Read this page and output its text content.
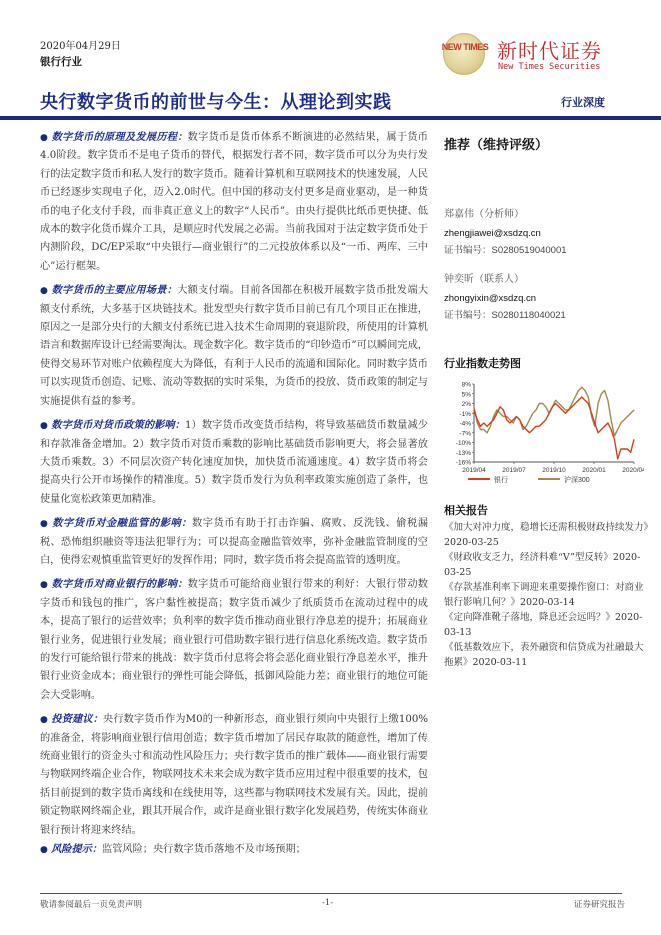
2020年04月29日
银行行业
NEW TIMES 新时代证券
New Times Securities
央行数字货币的前世与今生：从理论到实践	行业深度

● 数字货币的原理及发展历程：数字货币是货币体系不断演进的必然结果，属于货币4.0阶段。数字货币不是电子货币的替代，根据发行者不同，数字货币可以分为央行发行的法定数字货币和私人发行的数字货币。随着计算机和互联网技术的快速发展，人民币已经逐步实现电子化，迈入2.0时代。但中国的移动支付更多是商业驱动，是一种货币的电子化支付手段，而非真正意义上的数字“人民币”。由央行提供比纸币更快捷、低成本的数字化货币媒介工具，是顺应时代发展之必需。当前我国对于法定数字货币处于内测阶段，DC/EP采取“中央银行—商业银行”的二元投放体系以及“一币、两库、三中心”运行框架。

● 数字货币的主要应用场景：大额支付端。目前各国都在积极开展数字货币批发端大额支付系统，大多基于区块链技术。批发型央行数字货币目前已有几个项目正在推进，原因之一是部分央行的大额支付系统已进入技术生命周期的衰退阶段，所使用的计算机语言和数据库设计已经需要淘汰。现金数字化。数字货币的“印钞造币”可以瞬间完成，使得交易环节对账户依赖程度大为降低，有利于人民币的流通和国际化。同时数字货币可以实现货币创造、记账、流动等数据的实时采集，为货币的投放、货币政策的制定与实施提供有益的参考。

● 数字货币对货币政策的影响：1）数字货币改变货币结构，将导致基础货币数量减少和存款准备金增加。2）数字货币对货币乘数的影响比基础货币影响更大，将会显著放大货币乘数。3）不同层次资产转化速度加快，加快货币流通速度。4）数字货币将会提高央行公开市场操作的精准度。5）数字货币发行为负利率政策实施创造了条件，也使量化宽松政策更加精准。

● 数字货币对金融监管的影响：数字货币有助于打击诈骗、腐败、反洗钱、偷税漏税、恐怖组织融资等违法犯罪行为；可以提高金融监管效率，弥补金融监管制度的空白，使得宏观慎重监管更好的发挥作用；同时，数字货币将会提高监管的透明度。

● 数字货币对商业银行的影响：数字货币可能给商业银行带来的利好：大银行带动数字货币和钱包的推广，客户黏性被提高；数字货币减少了纸质货币在流动过程中的成本，提高了银行的运营效率；负利率的数字货币推动商业银行净息差的提升；拓展商业银行业务，促进银行业发展；商业银行可借助数字银行进行信息化系统改造。数字货币的发行可能给银行带来的挑战：数字货币付息将会将会恶化商业银行净息差水平，推升银行业资金成本；商业银行的弹性可能会降低，抵御风险能力差；商业银行的地位可能会大受影响。

● 投资建议：央行数字货币作为M0的一种新形态，商业银行须向中央银行上缴100%的准备金，将影响商业银行信用创造；数字货币增加了居民存取款的随意性，增加了传统商业银行的资金头寸和流动性风险压力；央行数字货币的推广载体——商业银行需要与物联网终端企业合作，物联网技术未来会成为数字货币应用过程中很重要的技术，包括目前提到的数字货币离线和在线使用等，这些都与物联网技术发展有关。因此，提前锁定物联网终端企业，跟其开展合作，或许是商业银行数字化发展趋势，传统实体商业银行预计将迎来终结。

● 风险提示：监管风险；央行数字货币落地不及市场预期；

推荐（维持评级）
郑嘉伟（分析师）
zhengjiawei@xsdzq.cn
证书编号：S0280519040001
钟奕昕（联系人）
zhongyixin@xsdzq.cn
证书编号：S0280118040021
行业指数走势图
8%
5%
2%
-1%
-4%
-7%
-10%
-13%
-16%
2019/04	2019/07	2019/10	2020/01	2020/04
银行	沪深300
相关报告
《加大对冲力度，稳增长还需积极财政持续发力》2020-03-25
《财政收支乏力，经济料难“V”型反转》2020-03-25
《存款基准利率下调迎来重要操作窗口：对商业银行影响几何？》2020-03-14
《定向降准靴子落地，降息还会远吗？》2020-03-13
《低基数效应下，表外融资和信贷成为社融最大拖累》2020-03-11
敬请参阅最后一页免责声明	-1-	证券研究报告
